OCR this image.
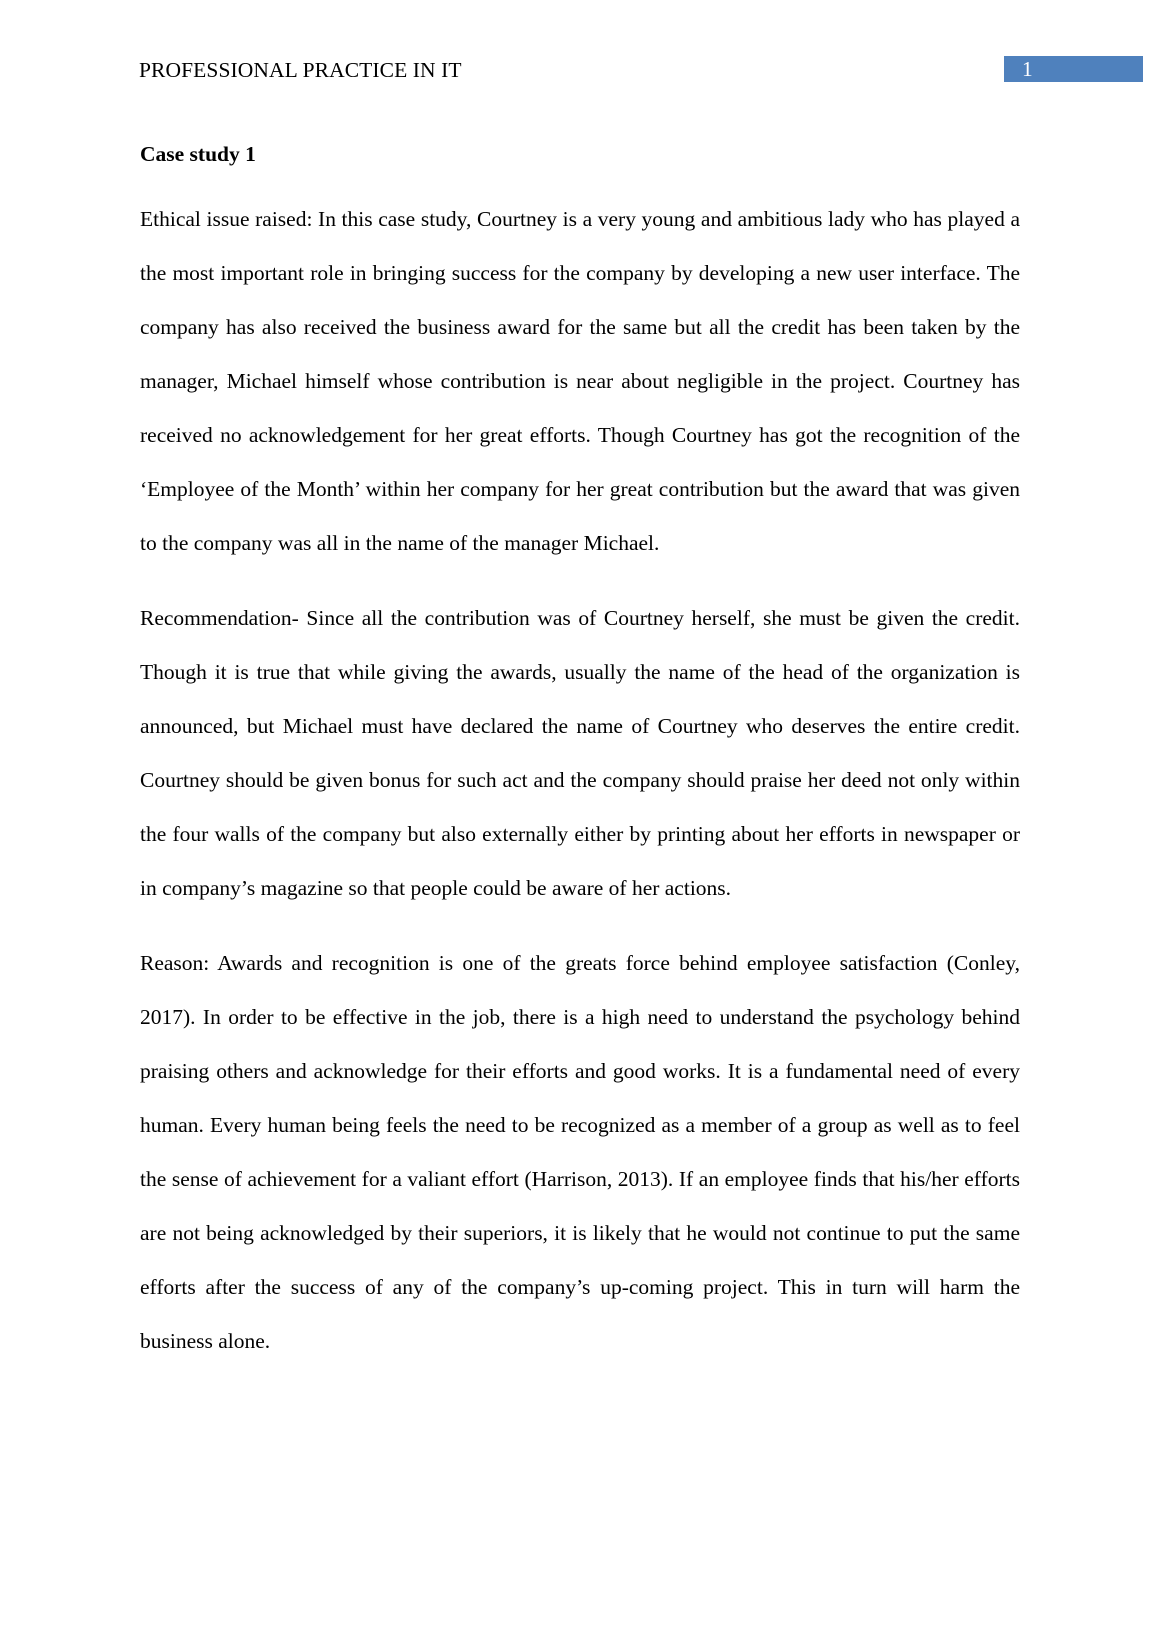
PROFESSIONAL PRACTICE IN IT	1
Case study 1

Ethical issue raised: In this case study, Courtney is a very young and ambitious lady who has played a the most important role in bringing success for the company by developing a new user interface. The company has also received the business award for the same but all the credit has been taken by the manager, Michael himself whose contribution is near about negligible in the project. Courtney has received no acknowledgement for her great efforts. Though Courtney has got the recognition of the ‘Employee of the Month’ within her company for her great contribution but the award that was given to the company was all in the name of the manager Michael.

Recommendation- Since all the contribution was of Courtney herself, she must be given the credit. Though it is true that while giving the awards, usually the name of the head of the organization is announced, but Michael must have declared the name of Courtney who deserves the entire credit. Courtney should be given bonus for such act and the company should praise her deed not only within the four walls of the company but also externally either by printing about her efforts in newspaper or in company’s magazine so that people could be aware of her actions.

Reason: Awards and recognition is one of the greats force behind employee satisfaction (Conley, 2017). In order to be effective in the job, there is a high need to understand the psychology behind praising others and acknowledge for their efforts and good works. It is a fundamental need of every human. Every human being feels the need to be recognized as a member of a group as well as to feel the sense of achievement for a valiant effort (Harrison, 2013). If an employee finds that his/her efforts are not being acknowledged by their superiors, it is likely that he would not continue to put the same efforts after the success of any of the company’s up-coming project. This in turn will harm the business alone.
